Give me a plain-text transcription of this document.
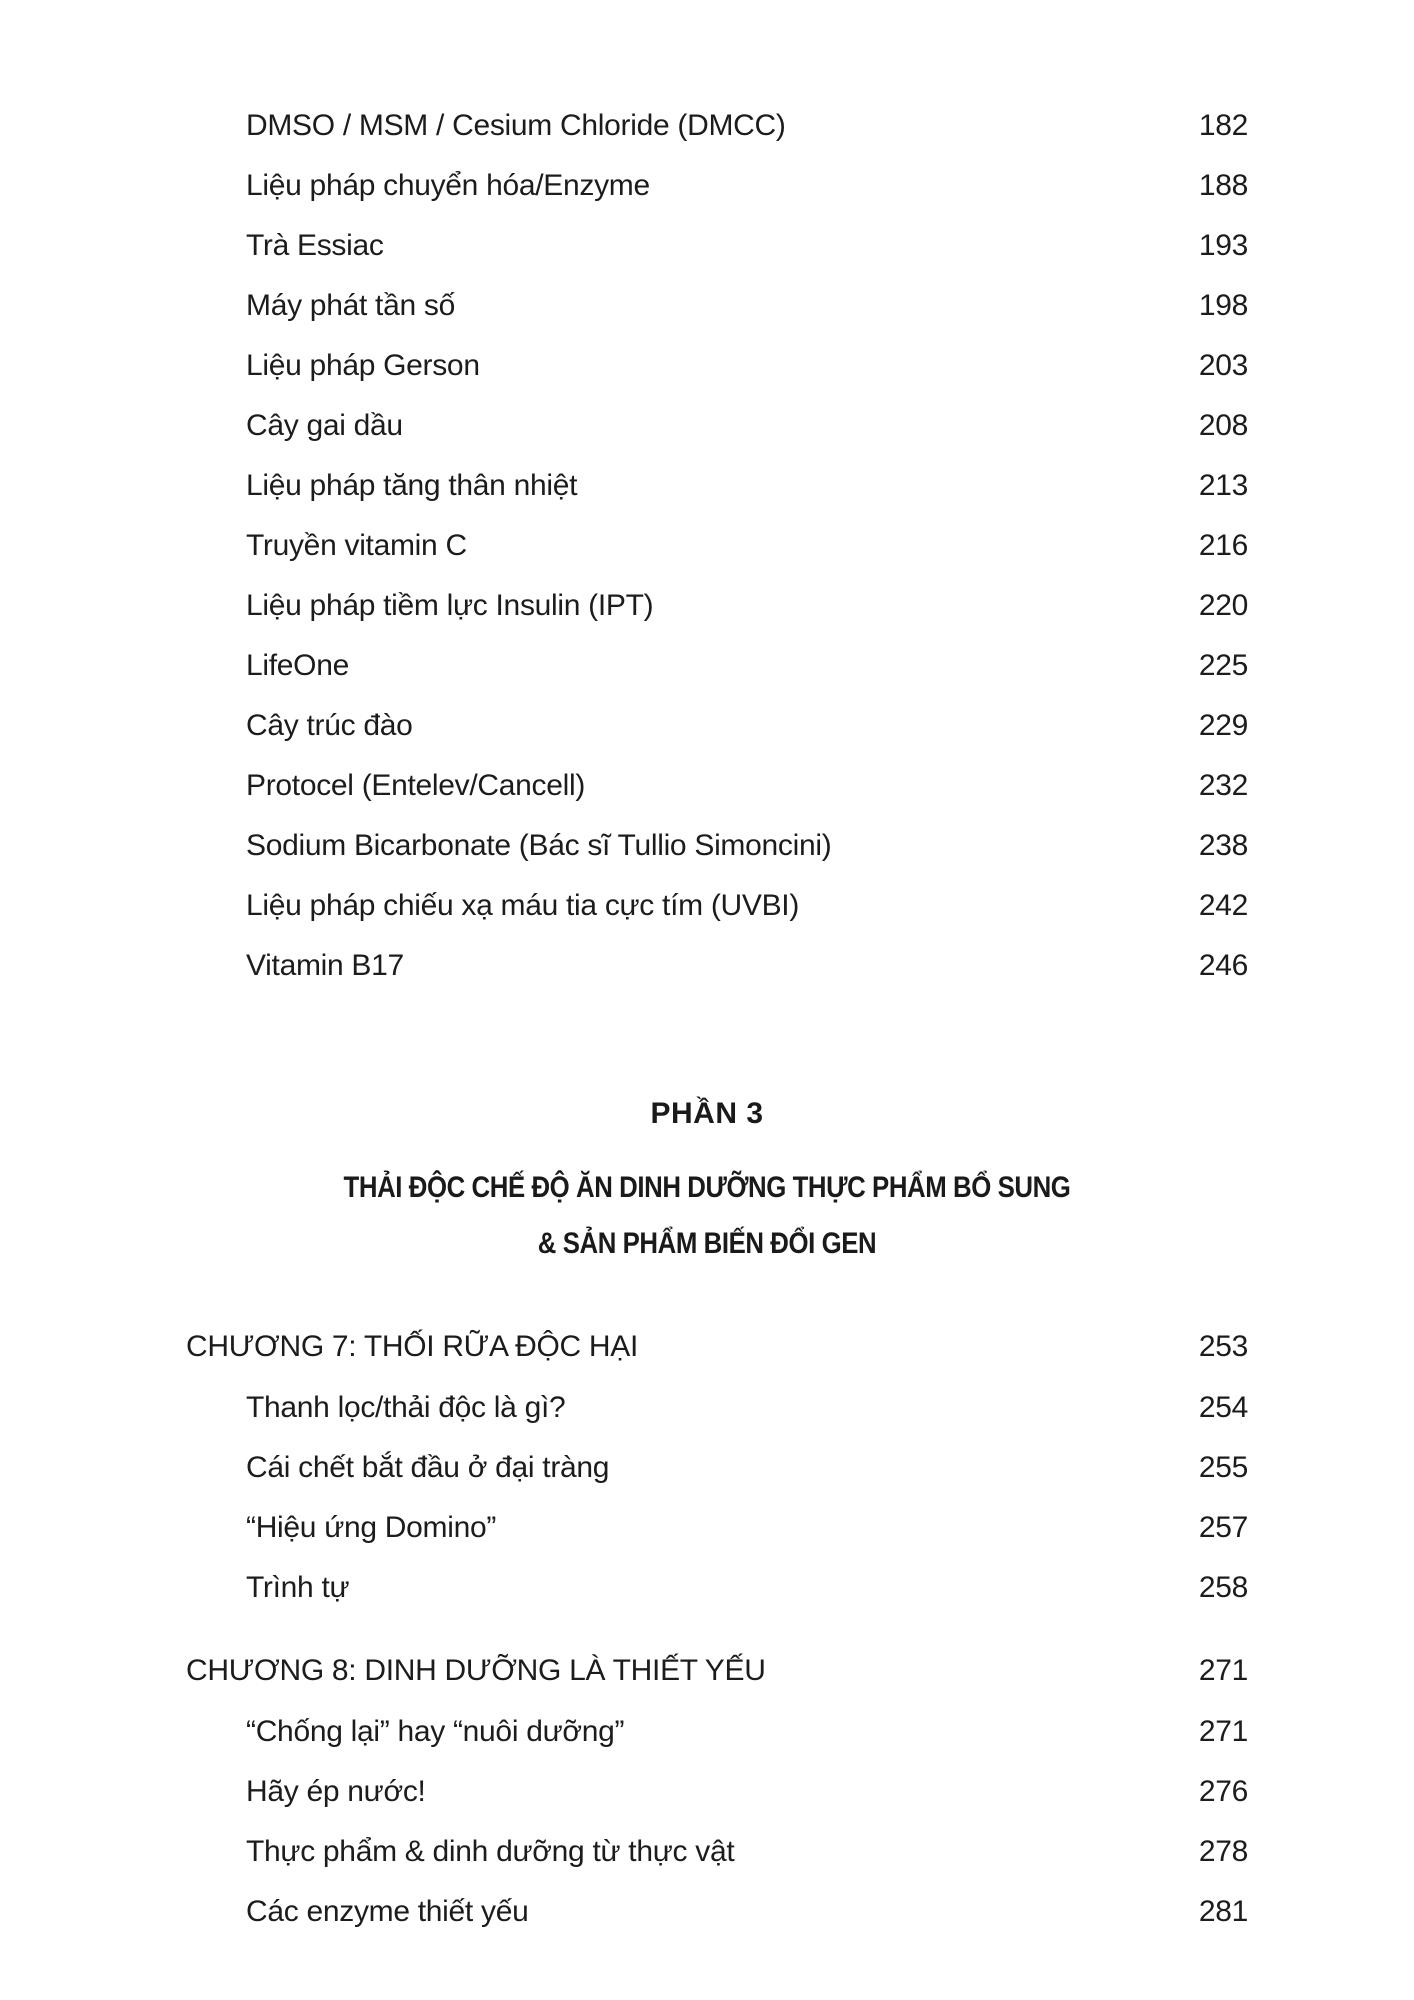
DMSO / MSM / Cesium Chloride (DMCC)	182
Liệu pháp chuyển hóa/Enzyme	188
Trà Essiac	193
Máy phát tần số	198
Liệu pháp Gerson	203
Cây gai dầu	208
Liệu pháp tăng thân nhiệt	213
Truyền vitamin C	216
Liệu pháp tiềm lực Insulin (IPT)	220
LifeOne	225
Cây trúc đào	229
Protocel (Entelev/Cancell)	232
Sodium Bicarbonate (Bác sĩ Tullio Simoncini)	238
Liệu pháp chiếu xạ máu tia cực tím (UVBI)	242
Vitamin B17	246
PHẦN 3
THẢI ĐỘC CHẾ ĐỘ ĂN DINH DƯỠNG THỰC PHẨM BỔ SUNG
& SẢN PHẨM BIẾN ĐỔI GEN
CHƯƠNG 7: THỐI RỮA ĐỘC HẠI	253
Thanh lọc/thải độc là gì?	254
Cái chết bắt đầu ở đại tràng	255
“Hiệu ứng Domino”	257
Trình tự	258
CHƯƠNG 8: DINH DƯỠNG LÀ THIẾT YẾU	271
“Chống lại” hay “nuôi dưỡng”	271
Hãy ép nước!	276
Thực phẩm & dinh dưỡng từ thực vật	278
Các enzyme thiết yếu	281
